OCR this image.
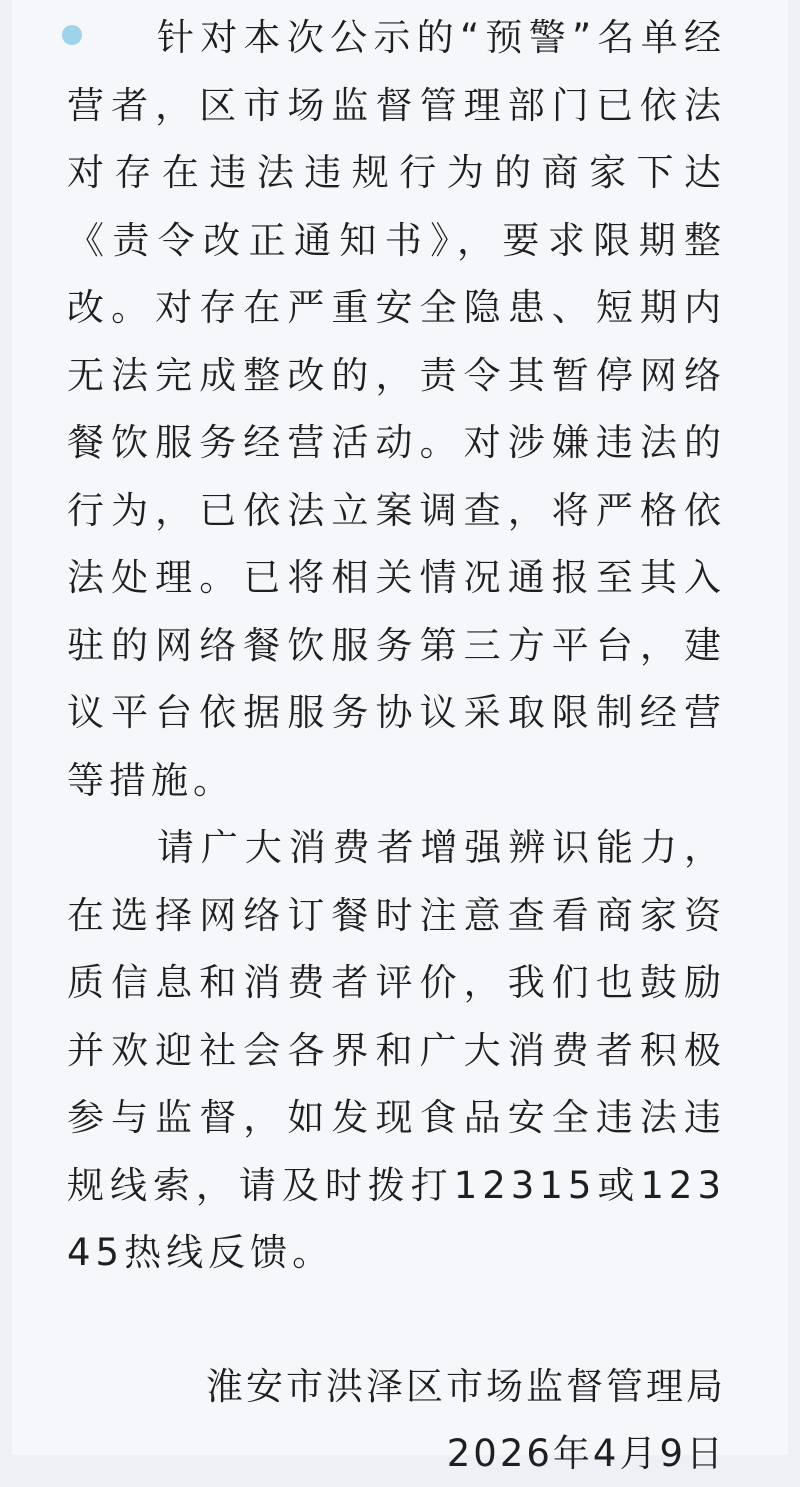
针对本次公示的“预警”名单经营者，区市场监督管理部门已依法对存在违法违规行为的商家下达《责令改正通知书》，要求限期整改。对存在严重安全隐患、短期内无法完成整改的，责令其暂停网络餐饮服务经营活动。对涉嫌违法的行为，已依法立案调查，将严格依法处理。已将相关情况通报至其入驻的网络餐饮服务第三方平台，建议平台依据服务协议采取限制经营等措施。

请广大消费者增强辨识能力，在选择网络订餐时注意查看商家资质信息和消费者评价，我们也鼓励并欢迎社会各界和广大消费者积极参与监督，如发现食品安全违法违规线索，请及时拨打12315或12345热线反馈。

淮安市洪泽区市场监督管理局

2026年4月9日
